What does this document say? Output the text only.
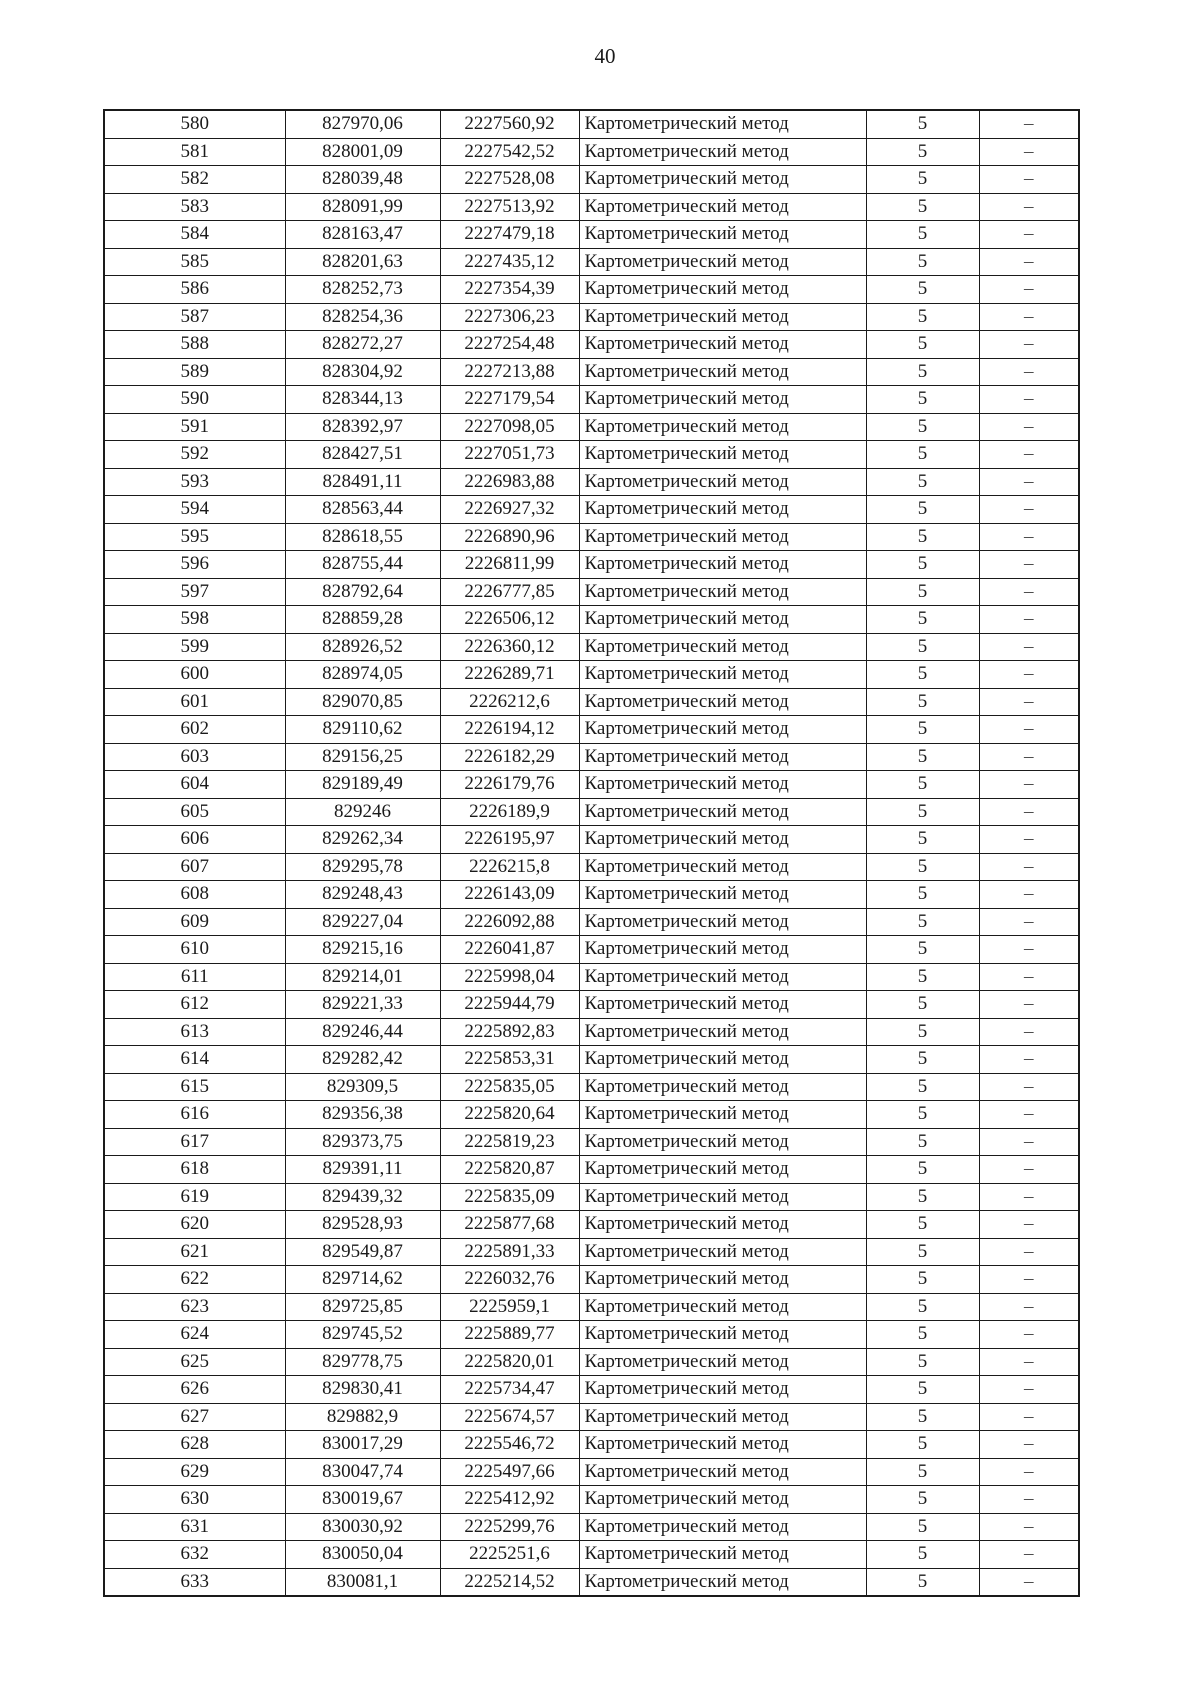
40
580	827970,06	2227560,92	Картометрический метод	5	–
581	828001,09	2227542,52	Картометрический метод	5	–
582	828039,48	2227528,08	Картометрический метод	5	–
583	828091,99	2227513,92	Картометрический метод	5	–
584	828163,47	2227479,18	Картометрический метод	5	–
585	828201,63	2227435,12	Картометрический метод	5	–
586	828252,73	2227354,39	Картометрический метод	5	–
587	828254,36	2227306,23	Картометрический метод	5	–
588	828272,27	2227254,48	Картометрический метод	5	–
589	828304,92	2227213,88	Картометрический метод	5	–
590	828344,13	2227179,54	Картометрический метод	5	–
591	828392,97	2227098,05	Картометрический метод	5	–
592	828427,51	2227051,73	Картометрический метод	5	–
593	828491,11	2226983,88	Картометрический метод	5	–
594	828563,44	2226927,32	Картометрический метод	5	–
595	828618,55	2226890,96	Картометрический метод	5	–
596	828755,44	2226811,99	Картометрический метод	5	–
597	828792,64	2226777,85	Картометрический метод	5	–
598	828859,28	2226506,12	Картометрический метод	5	–
599	828926,52	2226360,12	Картометрический метод	5	–
600	828974,05	2226289,71	Картометрический метод	5	–
601	829070,85	2226212,6	Картометрический метод	5	–
602	829110,62	2226194,12	Картометрический метод	5	–
603	829156,25	2226182,29	Картометрический метод	5	–
604	829189,49	2226179,76	Картометрический метод	5	–
605	829246	2226189,9	Картометрический метод	5	–
606	829262,34	2226195,97	Картометрический метод	5	–
607	829295,78	2226215,8	Картометрический метод	5	–
608	829248,43	2226143,09	Картометрический метод	5	–
609	829227,04	2226092,88	Картометрический метод	5	–
610	829215,16	2226041,87	Картометрический метод	5	–
611	829214,01	2225998,04	Картометрический метод	5	–
612	829221,33	2225944,79	Картометрический метод	5	–
613	829246,44	2225892,83	Картометрический метод	5	–
614	829282,42	2225853,31	Картометрический метод	5	–
615	829309,5	2225835,05	Картометрический метод	5	–
616	829356,38	2225820,64	Картометрический метод	5	–
617	829373,75	2225819,23	Картометрический метод	5	–
618	829391,11	2225820,87	Картометрический метод	5	–
619	829439,32	2225835,09	Картометрический метод	5	–
620	829528,93	2225877,68	Картометрический метод	5	–
621	829549,87	2225891,33	Картометрический метод	5	–
622	829714,62	2226032,76	Картометрический метод	5	–
623	829725,85	2225959,1	Картометрический метод	5	–
624	829745,52	2225889,77	Картометрический метод	5	–
625	829778,75	2225820,01	Картометрический метод	5	–
626	829830,41	2225734,47	Картометрический метод	5	–
627	829882,9	2225674,57	Картометрический метод	5	–
628	830017,29	2225546,72	Картометрический метод	5	–
629	830047,74	2225497,66	Картометрический метод	5	–
630	830019,67	2225412,92	Картометрический метод	5	–
631	830030,92	2225299,76	Картометрический метод	5	–
632	830050,04	2225251,6	Картометрический метод	5	–
633	830081,1	2225214,52	Картометрический метод	5	–
